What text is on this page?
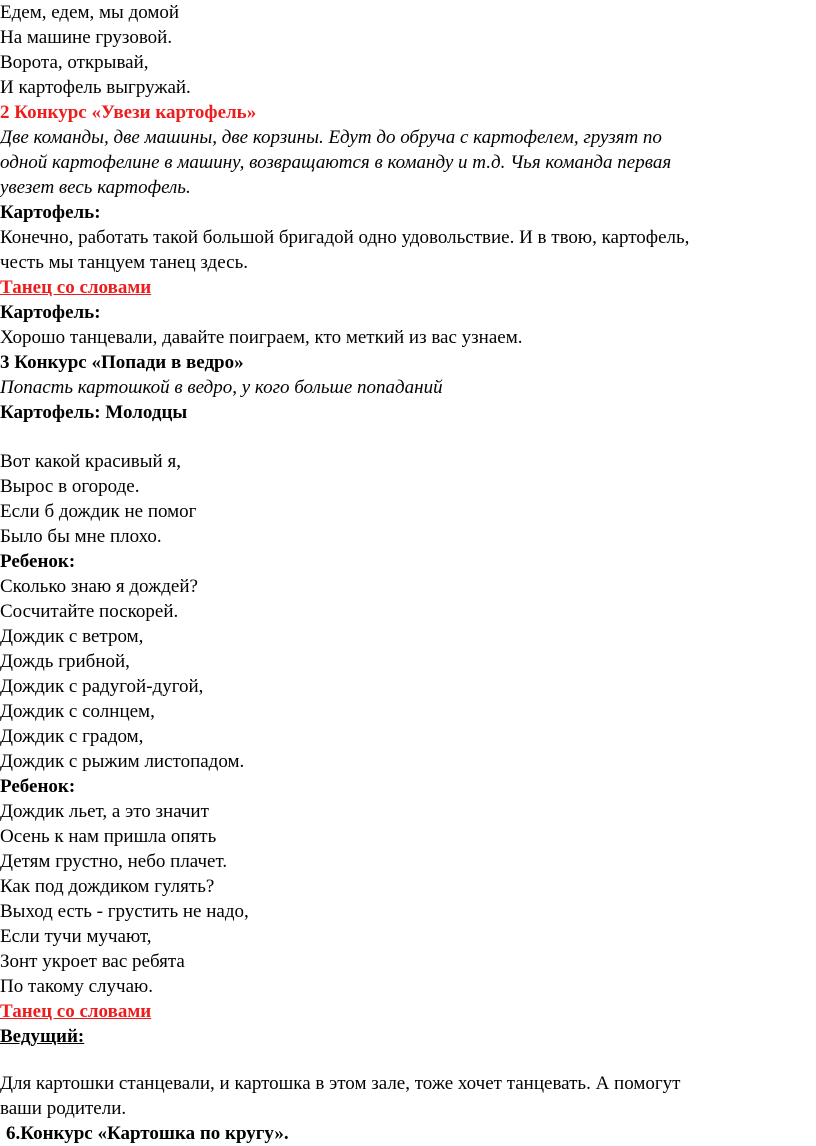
Едем, едем, мы домой
На машине грузовой.
Ворота, открывай,
И картофель выгружай.
2 Конкурс «Увези картофель»
Две команды, две машины, две корзины. Едут до обруча с картофелем, грузят по
одной картофелине в машину, возвращаются в команду и т.д. Чья команда первая
увезет весь картофель.
Картофель:
Конечно, работать такой большой бригадой одно удовольствие. И в твою, картофель,
честь мы танцуем танец здесь.
Танец со словами
Картофель:
Хорошо танцевали, давайте поиграем, кто меткий из вас узнаем.
3 Конкурс «Попади в ведро»
Попасть картошкой в ведро, у кого больше попаданий
Картофель: Молодцы
Вот какой красивый я,
Вырос в огороде.
Если б дождик не помог
Было бы мне плохо.
Ребенок:
Сколько знаю я дождей?
Сосчитайте поскорей.
Дождик с ветром,
Дождь грибной,
Дождик с радугой-дугой,
Дождик с солнцем,
Дождик с градом,
Дождик с рыжим листопадом.
Ребенок:
Дождик льет, а это значит
Осень к нам пришла опять
Детям грустно, небо плачет.
Как под дождиком гулять?
Выход есть - грустить не надо,
Если тучи мучают,
Зонт укроет вас ребята
По такому случаю.
Танец со словами
Ведущий:
Для картошки станцевали, и картошка в этом зале, тоже хочет танцевать. А помогут
ваши родители.
6.Конкурс «Картошка по кругу».
